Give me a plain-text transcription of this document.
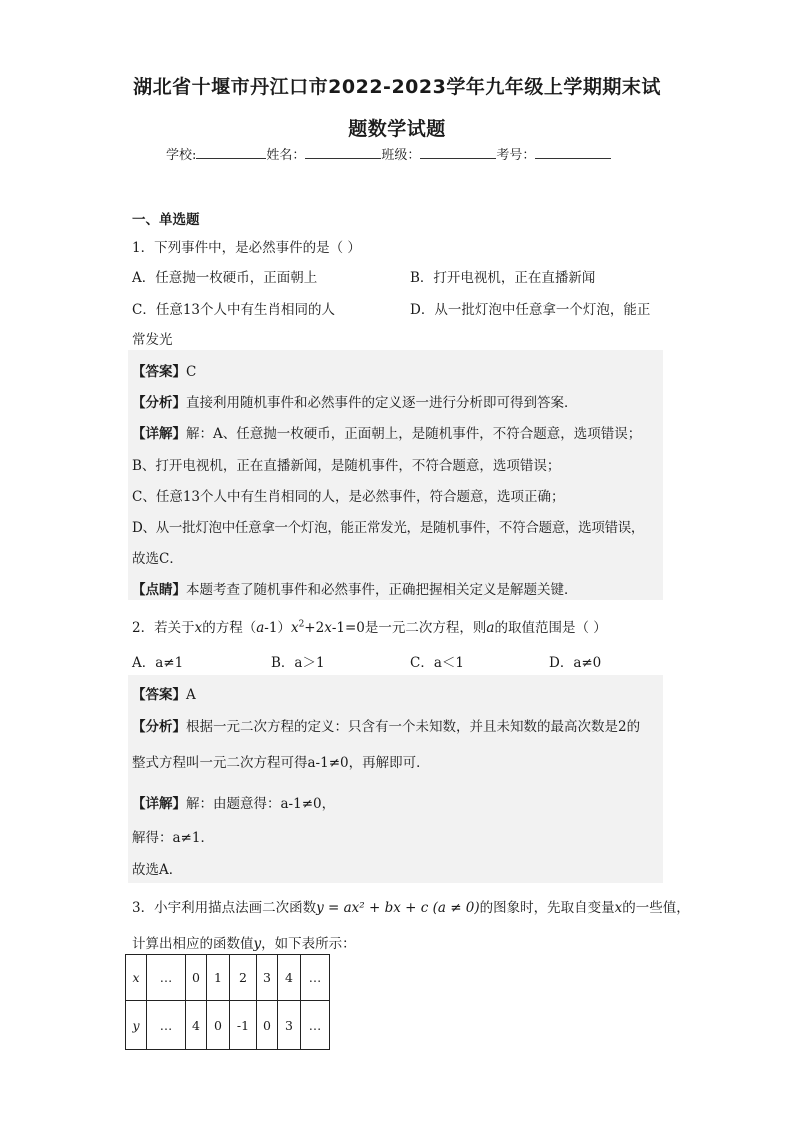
湖北省十堰市丹江口市2022-2023学年九年级上学期期末试
题数学试题
学校:	姓名：	班级：	考号：
一、单选题
1．下列事件中，是必然事件的是（ ）
A．任意抛一枚硬币，正面朝上	B．打开电视机，正在直播新闻
C．任意13个人中有生肖相同的人	D．从一批灯泡中任意拿一个灯泡，能正
常发光
【答案】C
【分析】直接利用随机事件和必然事件的定义逐一进行分析即可得到答案．
【详解】解：A、任意抛一枚硬币，正面朝上，是随机事件，不符合题意，选项错误；
B、打开电视机，正在直播新闻，是随机事件，不符合题意，选项错误；
C、任意13个人中有生肖相同的人，是必然事件，符合题意，选项正确；
D、从一批灯泡中任意拿一个灯泡，能正常发光，是随机事件，不符合题意，选项错误，
故选C．
【点睛】本题考查了随机事件和必然事件，正确把握相关定义是解题关键．
2．若关于x的方程$(a-1)x^2+2x-1=0$是一元二次方程，则a的取值范围是（ ）
A．a≠1	B．a＞1	C．a＜1	D．a≠0
【答案】A
【分析】根据一元二次方程的定义：只含有一个未知数，并且未知数的最高次数是2的
整式方程叫一元二次方程可得a-1≠0，再解即可．
【详解】解：由题意得：a-1≠0，
解得：a≠1．
故选A．
3．小宇利用描点法画二次函数y = ax² + bx + c (a ≠ 0)的图象时，先取自变量x的一些值，
计算出相应的函数值y，如下表所示：
x	…	0	1	2	3	4	…
y	…	4	0	-1	0	3	…
